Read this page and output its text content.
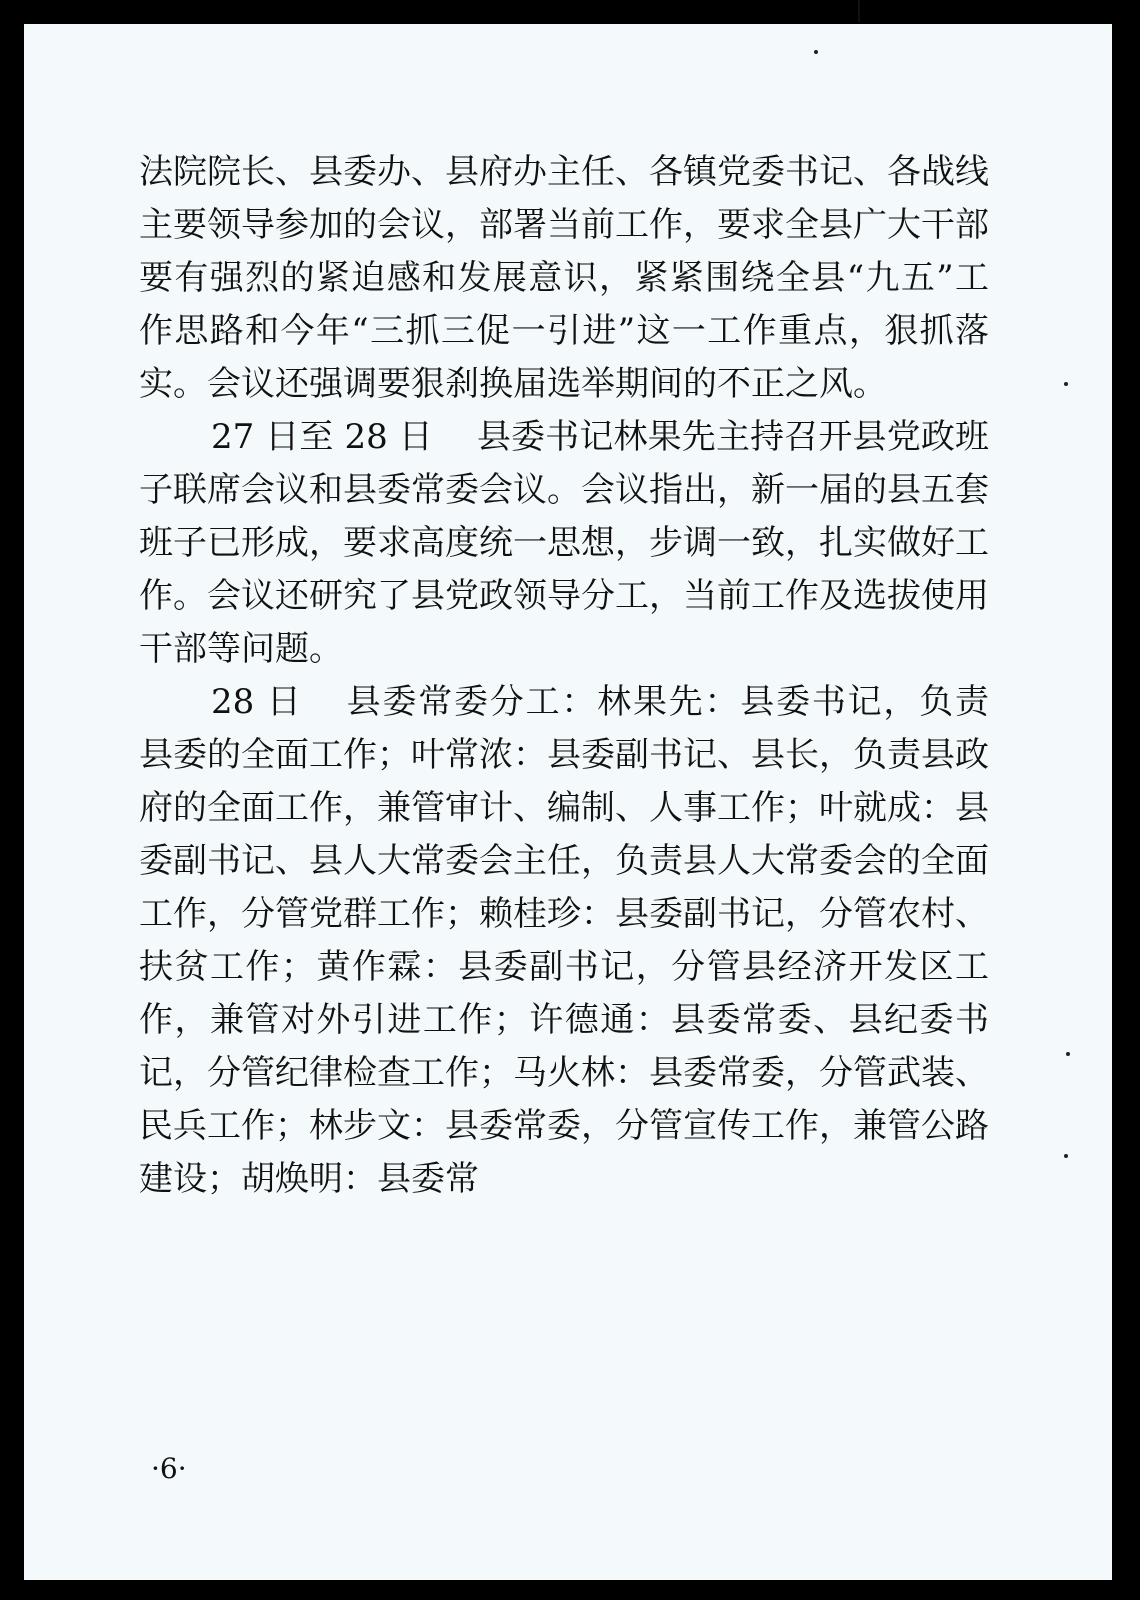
法院院长、县委办、县府办主任、各镇党委书记、各战线主要领导参加的会议，部署当前工作，要求全县广大干部要有强烈的紧迫感和发展意识，紧紧围绕全县“九五”工作思路和今年“三抓三促一引进”这一工作重点，狠抓落实。会议还强调要狠刹换届选举期间的不正之风。

27 日至 28 日 县委书记林果先主持召开县党政班子联席会议和县委常委会议。会议指出，新一届的县五套班子已形成，要求高度统一思想，步调一致，扎实做好工作。会议还研究了县党政领导分工，当前工作及选拔使用干部等问题。

28 日 县委常委分工：林果先：县委书记，负责县委的全面工作；叶常浓：县委副书记、县长，负责县政府的全面工作，兼管审计、编制、人事工作；叶就成：县委副书记、县人大常委会主任，负责县人大常委会的全面工作，分管党群工作；赖桂珍：县委副书记，分管农村、扶贫工作；黄作霖：县委副书记，分管县经济开发区工作，兼管对外引进工作；许德通：县委常委、县纪委书记，分管纪律检查工作；马火林：县委常委，分管武装、民兵工作；林步文：县委常委，分管宣传工作，兼管公路建设；胡焕明：县委常

·6·
